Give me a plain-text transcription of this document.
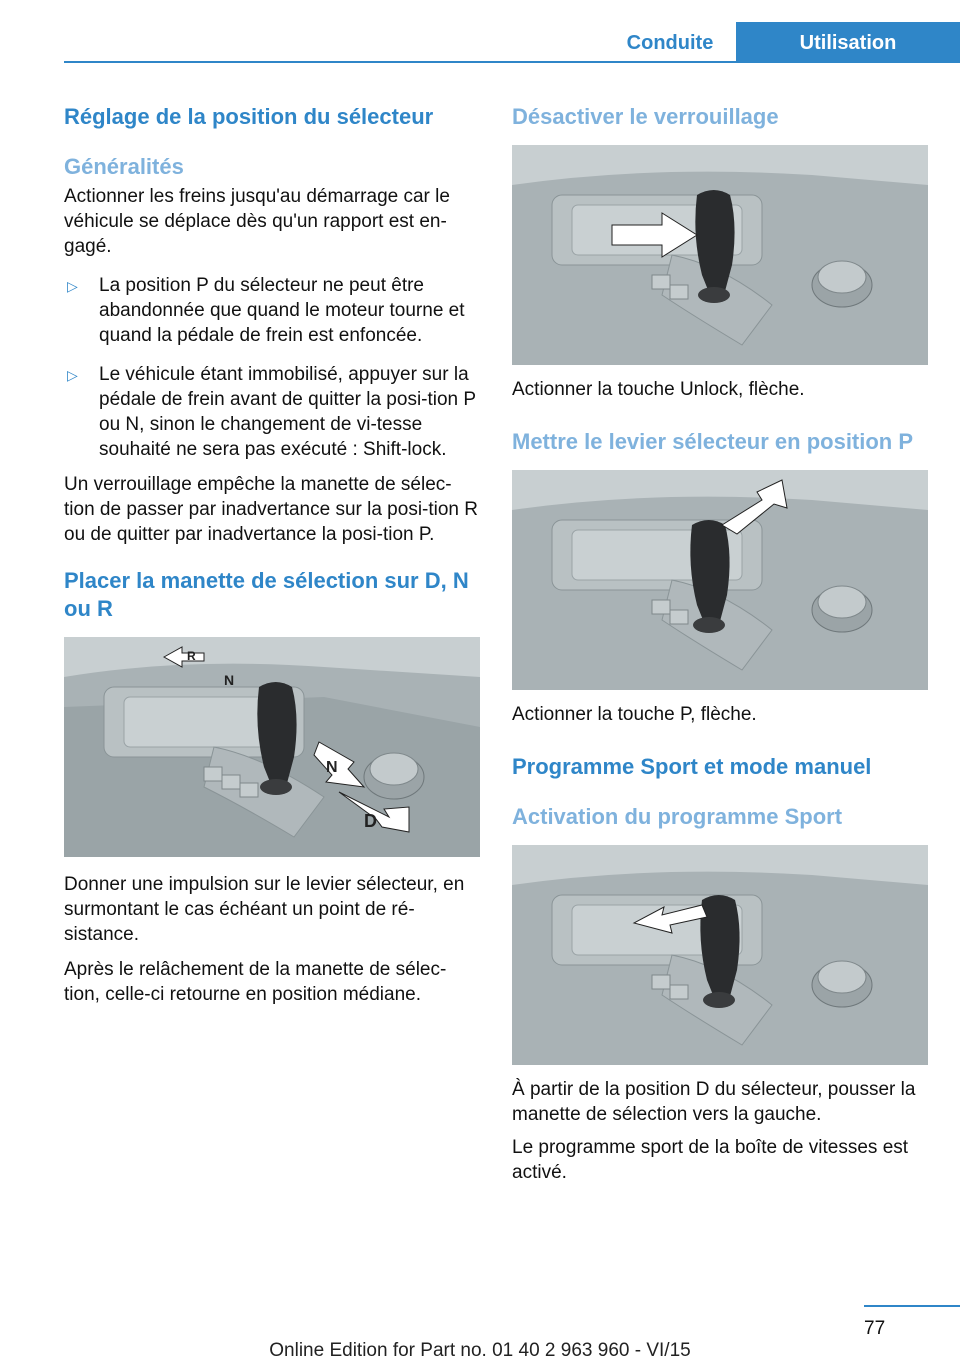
Conduite	Utilisation
Réglage de la position du sélecteur
Généralités

Actionner les freins jusqu'au démarrage car le véhicule se déplace dès qu'un rapport est en-gagé.

▷ La position P du sélecteur ne peut être abandonnée que quand le moteur tourne et quand la pédale de frein est enfoncée.
▷ Le véhicule étant immobilisé, appuyer sur la pédale de frein avant de quitter la posi-tion P ou N, sinon le changement de vi-tesse souhaité ne sera pas exécuté : Shift-lock.

Un verrouillage empêche la manette de sélec-tion de passer par inadvertance sur la posi-tion R ou de quitter par inadvertance la posi-tion P.

Placer la manette de sélection sur D, N ou R
R
N
N
D

Donner une impulsion sur le levier sélecteur, en surmontant le cas échéant un point de ré-sistance.

Après le relâchement de la manette de sélec-tion, celle-ci retourne en position médiane.

Désactiver le verrouillage

Actionner la touche Unlock, flèche.

Mettre le levier sélecteur en position P

Actionner la touche P, flèche.

Programme Sport et mode manuel
Activation du programme Sport

À partir de la position D du sélecteur, pousser la manette de sélection vers la gauche.

Le programme sport de la boîte de vitesses est activé.

77
Online Edition for Part no. 01 40 2 963 960 - VI/15
